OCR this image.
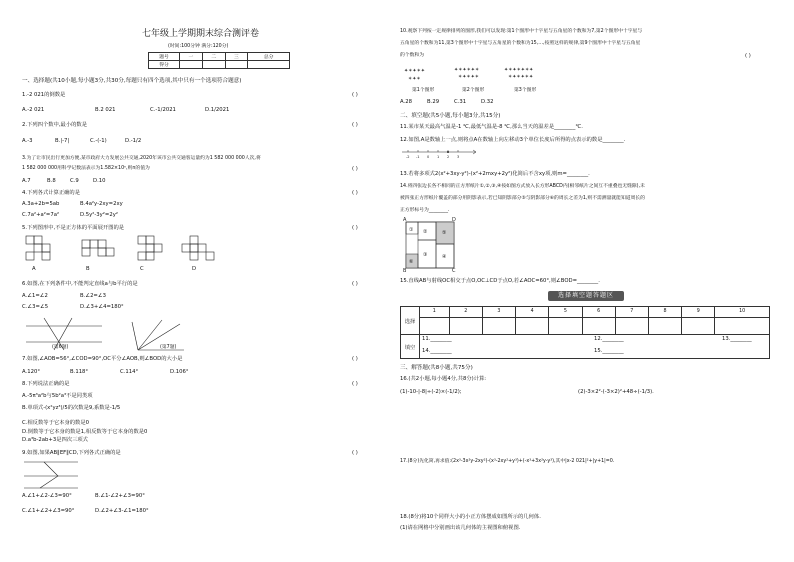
七年级上学期期末综合测评卷
(时间:100分钟 满分:120分)
题号	一	二	三	总分
得分				
一、选择题(共10小题,每小题3分,共30分,每题只有四个选项,其中只有一个选项符合题意)
1.-2 021的倒数是	( )
A.-2 021	B.2 021	C.-1/2021	D.1/2021
2.下列四个数中,最小的数是	( )
A.-3	B.|-7|	C.-(-1)	D.-1/2
3.为了让市民出行更加方便,某市政府大力发展公共交通,2020年该市公共交通客运量约为1 582 000 000人次,将
1 582 000 000用科学记数法表示为1.582×10ⁿ,则n的值为	( )
A.7	B.8	C.9	D.10
4.下列各式计算正确的是	( )
A.3a+2b=5ab	B.4a²y-2xy=2xy
C.7a²+a²=7a²	D.5y²-3y²=2y²
5.下列图形中,不是正方体的平面展开图的是	( )
A	B	C	D
6.如图,在下列条件中,不能判定直线a与b平行的是	( )
A.∠1=∠2	B.∠2=∠3
C.∠3=∠5	D.∠3+∠4=180°
(第6题)	(第7题)
7.如图,∠AOB=56°,∠COD=90°,OC平分∠AOB,则∠BOD的大小是	( )
A.120°	B.118°	C.114°	D.106°
8.下列说法正确的是	( )
A.-5π³a²b与5b²a³不是同类项
B.单项式-(x²yz³)/5的次数是9,系数是-1/5
C.相反数等于它本身的数是0
D.倒数等于它本身的数是1,相反数等于它本身的数是0
D.a³b-2ab+3是四次三项式
9.如图,如果AB∥EF∥CD,下列各式正确的是	( )
A.∠1+∠2-∠3=90°	B.∠1-∠2+∠3=90°
C.∠1+∠2+∠3=90°	D.∠2+∠3-∠1=180°
10.观察下列按一定规律排列的图形,我们可以发现:第1个图形中十字星与五角星的个数和为7,第2个图形中十字星与
五角星的个数和为11,第3个图形中十字星与五角星的个数和为15,…,按照这样的规律,第9个图形中十字星与五角星
的个数和为	( )
✦✶✦✶✦
✶✦✶
✦✶✦✶✦✶
✶✦✶✦✶
✦✶✦✶✦✶✦
✶✦✶✦✶✦
第1个图形	第2个图形	第3个图形
A.28	B.29	C.31	D.32
二、填空题(共5小题,每小题3分,共15分)
11.某市某天最高气温是-1 ℃,最低气温是-8 ℃,那么当天的温差是________℃.
12.如图,A是数轴上一点,则将点A在数轴上向左移动3个单位长度后所得的点表示的数是________.
-2 -1 0 1 2 3
13.若将多项式2(x²+3xy-y²)-(x²+2mxy+2y²)化简后不含xy项,则m=________.
14.将四张边长各不相同的正方形纸片①,②,③,④按如图方式放入长方形ABCD内(相邻纸片之间互不重叠也无缝隙),未
被四张正方形纸片覆盖的部分用阴影表示,若已知阴影部分⑤与阴影部分⑥的周长之差为1,则不需测量就能知道周长的
正方形标号为________.
① ②
③	④
⑤
⑥
A	D
B	C
15.直线AB与射线OC相交于点O,OC⊥CD于点O,若∠AOC=60°,则∠BOD=________.
选择填空题答题区
选择	
1	2	3	4	5	6	7	8	9	10

填空	
11.________	12.________	13.________
14.________	15.________
三、解答题(共8小题,共75分)
16.(共2小题,每小题4分,共8分)计算:
(1)-10-|-8|÷(-2)×(-1/2);	(2)-3×2²-(-3×2)²+48÷(-1/3).
17.(8分)先化简,再求值:(2x³-3x²y-2xy²)-(x³-2xy²+y³)+(-x³+3x²y-y³),其中|x-2 021|²+|y+1|=0.
18.(8分)将10个同样大小的小正方体摆成如图所示的几何体.
(1)请在网格中分别画出该几何体的主视图和俯视图.
